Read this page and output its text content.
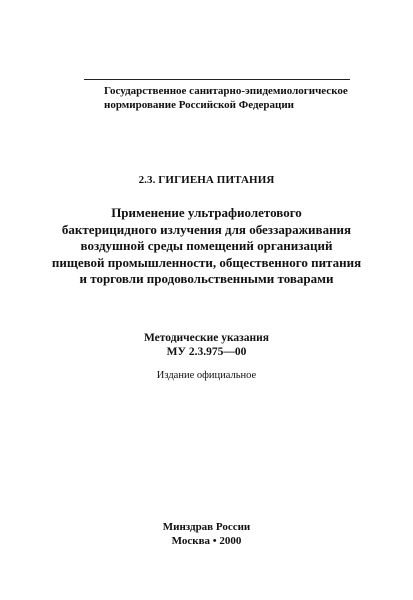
Государственное санитарно-эпидемиологическое
нормирование Российской Федерации
2.3. ГИГИЕНА ПИТАНИЯ
Применение ультрафиолетового
бактерицидного излучения для обеззараживания
воздушной среды помещений организаций
пищевой промышленности, общественного питания
и торговли продовольственными товарами
Методические указания
МУ 2.3.975—00
Издание официальное
Минздрав России
Москва • 2000
